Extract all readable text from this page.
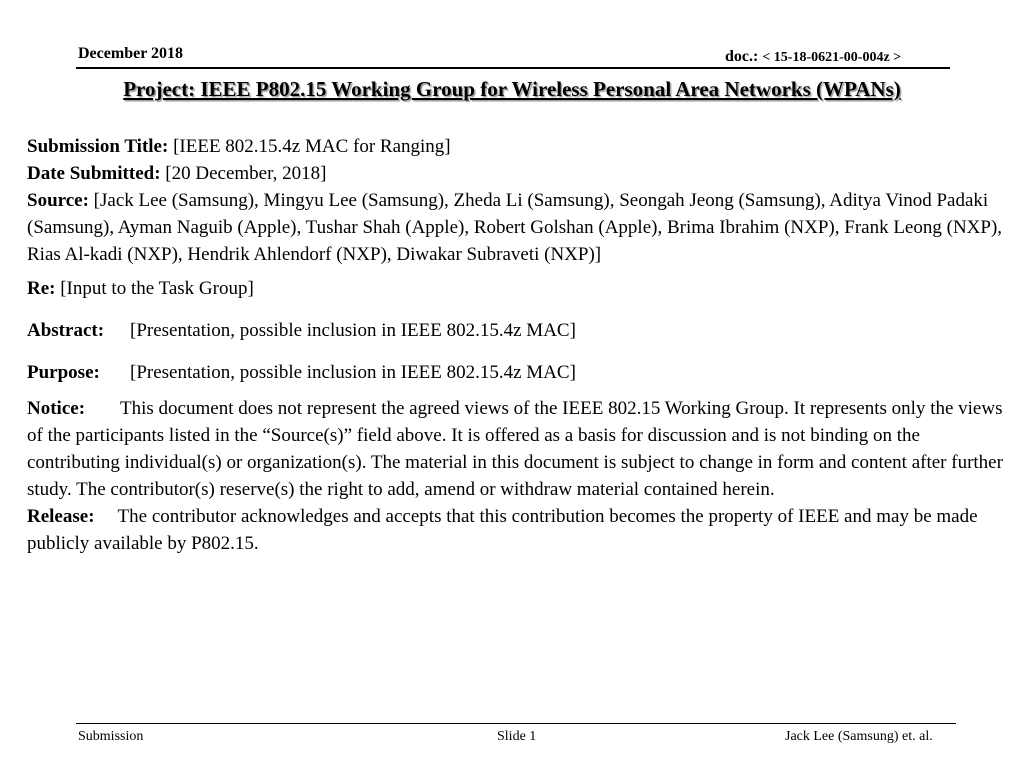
December 2018	doc.: < 15-18-0621-00-004z >
Project: IEEE P802.15 Working Group for Wireless Personal Area Networks (WPANs)
Submission Title: [IEEE 802.15.4z MAC for Ranging]
Date Submitted: [20 December, 2018]
Source: [Jack Lee (Samsung), Mingyu Lee (Samsung), Zheda Li (Samsung), Seongah Jeong (Samsung), Aditya Vinod Padaki (Samsung), Ayman Naguib (Apple), Tushar Shah (Apple), Robert Golshan (Apple), Brima Ibrahim (NXP), Frank Leong (NXP), Rias Al-kadi (NXP), Hendrik Ahlendorf (NXP), Diwakar Subraveti (NXP)]
Re: [Input to the Task Group]
Abstract:	[Presentation, possible inclusion in IEEE 802.15.4z MAC]
Purpose:	[Presentation, possible inclusion in IEEE 802.15.4z MAC]
Notice: This document does not represent the agreed views of the IEEE 802.15 Working Group. It represents only the views of the participants listed in the “Source(s)” field above. It is offered as a basis for discussion and is not binding on the contributing individual(s) or organization(s). The material in this document is subject to change in form and content after further study. The contributor(s) reserve(s) the right to add, amend or withdraw material contained herein.
Release: The contributor acknowledges and accepts that this contribution becomes the property of IEEE and may be made publicly available by P802.15.
Submission	Slide 1	Jack Lee (Samsung) et. al.
